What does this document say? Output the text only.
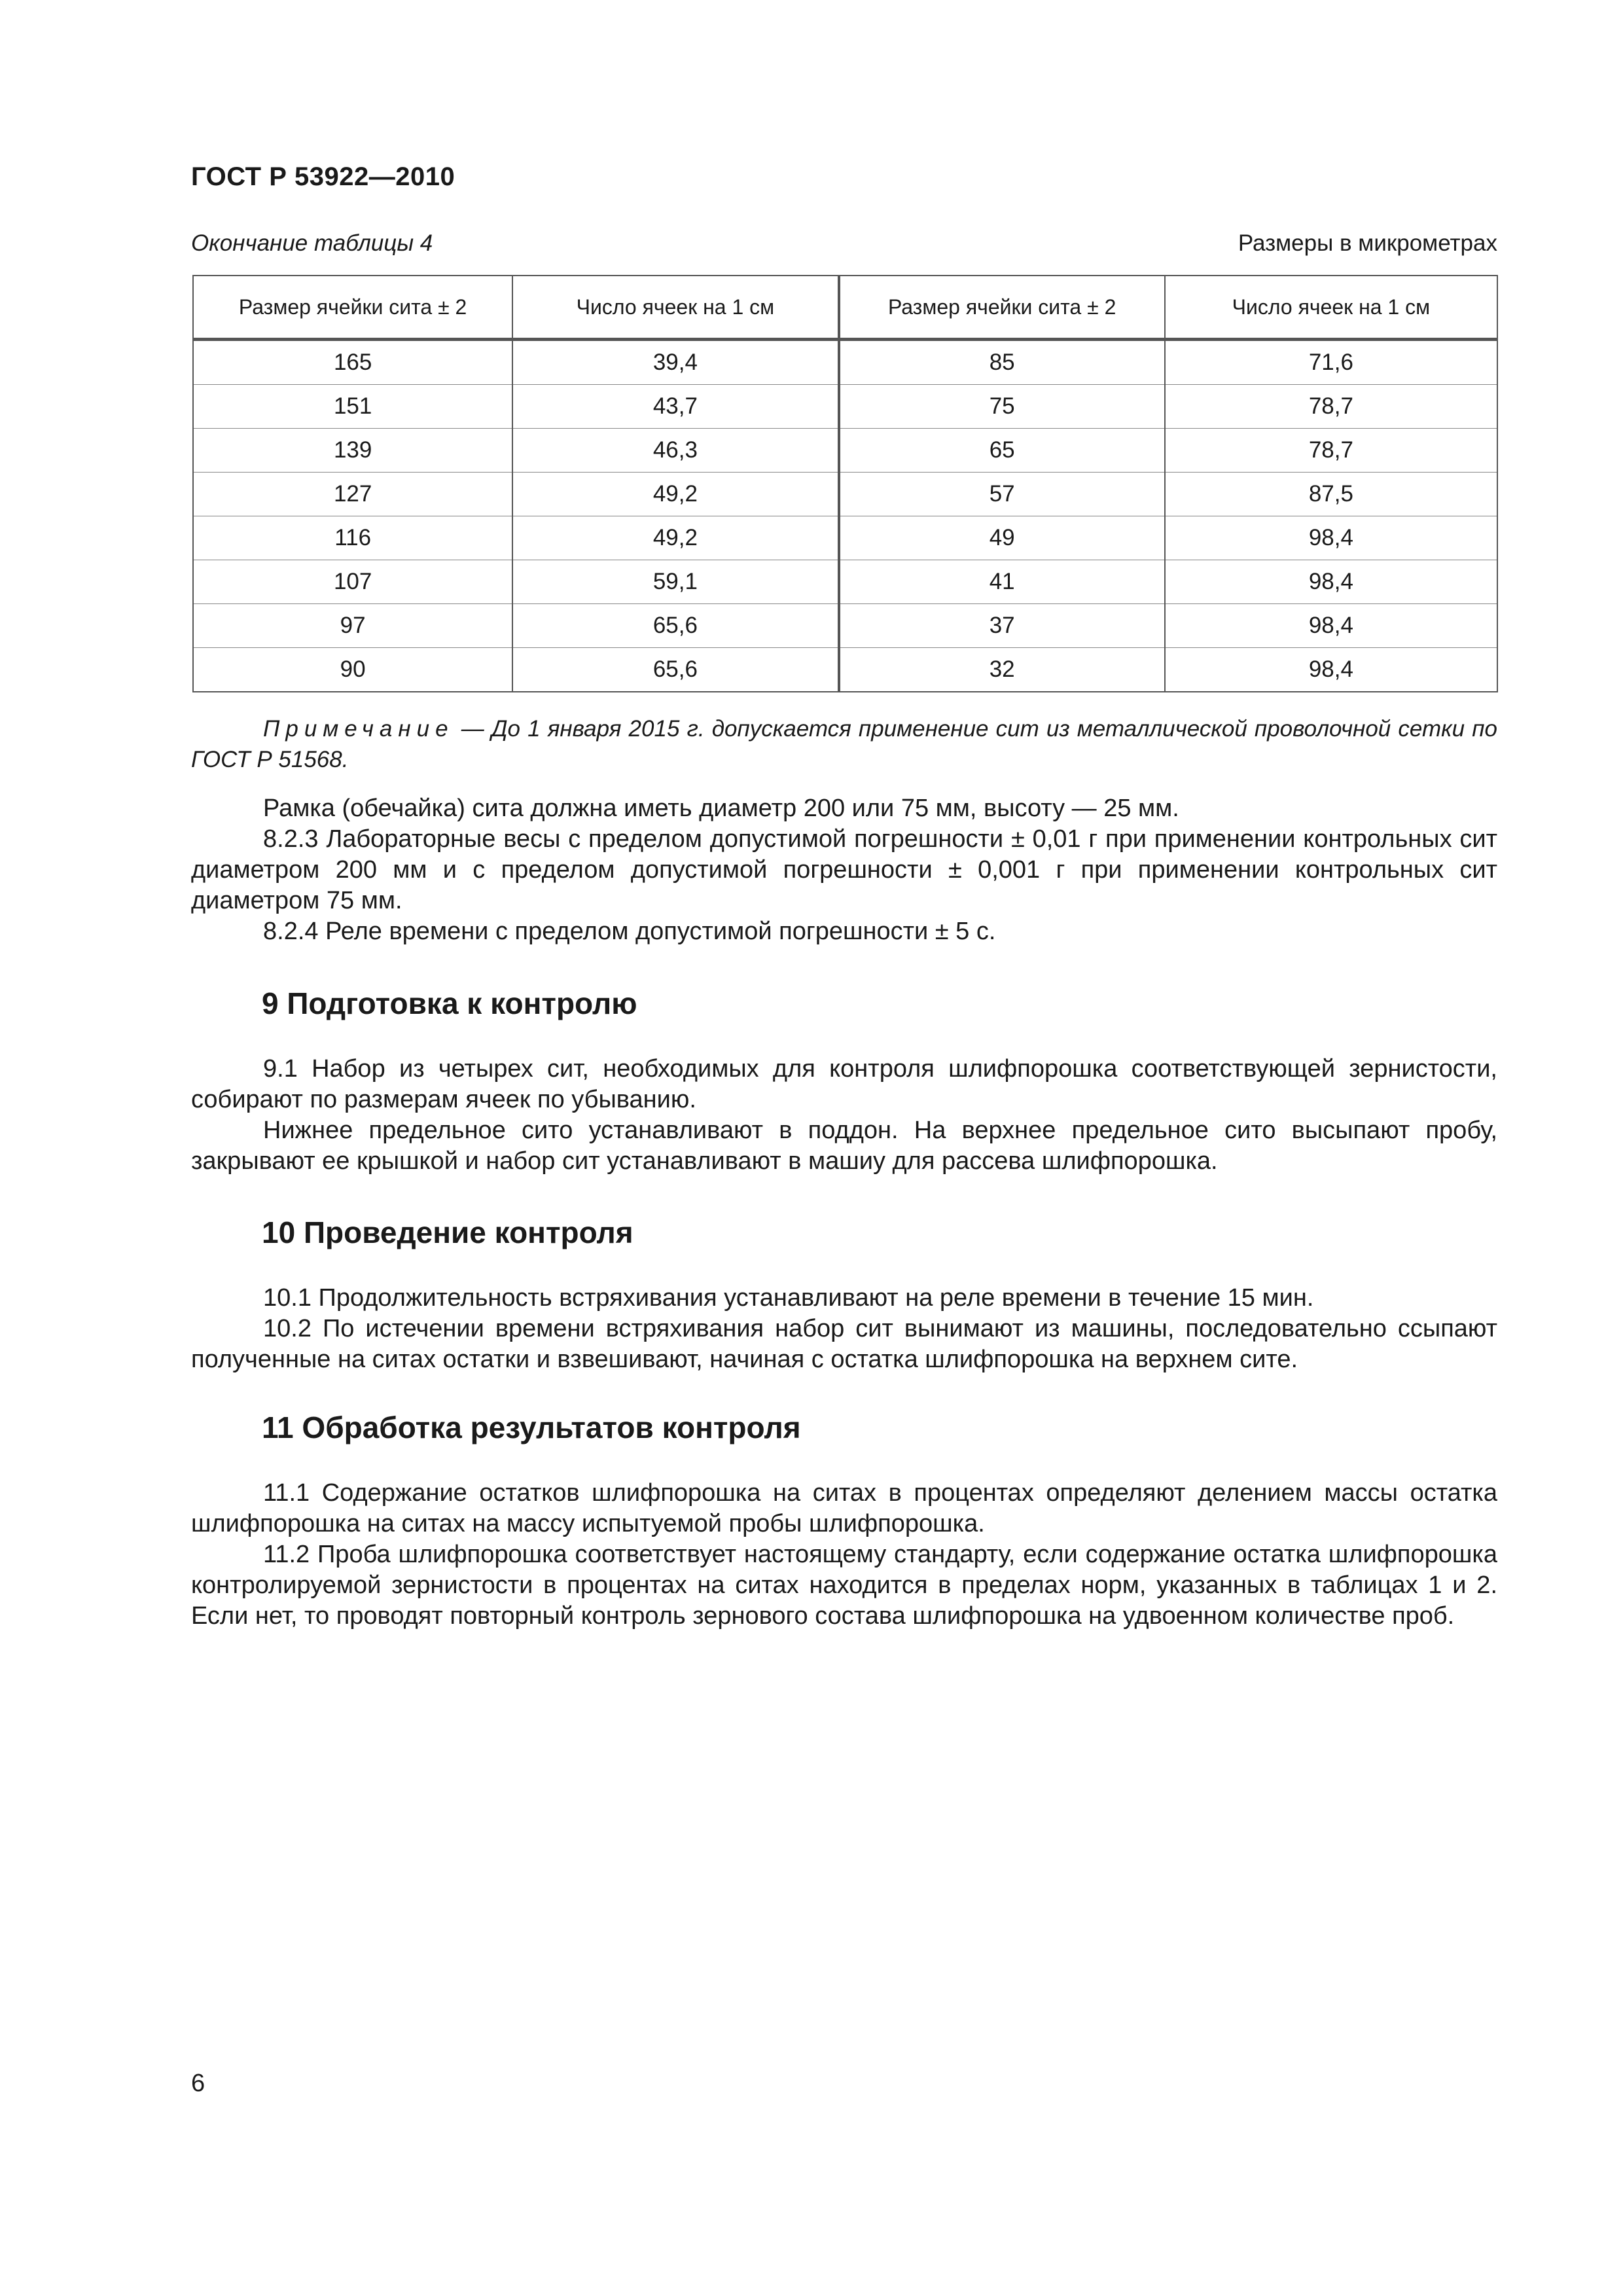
ГОСТ Р 53922—2010
Окончание таблицы 4	Размеры в микрометрах
Размер ячейки сита ± 2	Число ячеек на 1 см	Размер ячейки сита ± 2	Число ячеек на 1 см
165	39,4	85	71,6
151	43,7	75	78,7
139	46,3	65	78,7
127	49,2	57	87,5
116	49,2	49	98,4
107	59,1	41	98,4
97	65,6	37	98,4
90	65,6	32	98,4

Примечание — До 1 января 2015 г. допускается применение сит из металлической проволочной сетки по ГОСТ Р 51568.

Рамка (обечайка) сита должна иметь диаметр 200 или 75 мм, высоту — 25 мм.

8.2.3 Лабораторные весы с пределом допустимой погрешности ± 0,01 г при применении контрольных сит диаметром 200 мм и с пределом допустимой погрешности ± 0,001 г при применении контрольных сит диаметром 75 мм.

8.2.4 Реле времени с пределом допустимой погрешности ± 5 с.

9 Подготовка к контролю

9.1 Набор из четырех сит, необходимых для контроля шлифпорошка соответствующей зернистости, собирают по размерам ячеек по убыванию.

Нижнее предельное сито устанавливают в поддон. На верхнее предельное сито высыпают пробу, закрывают ее крышкой и набор сит устанавливают в машиу для рассева шлифпорошка.

10 Проведение контроля

10.1 Продолжительность встряхивания устанавливают на реле времени в течение 15 мин.

10.2 По истечении времени встряхивания набор сит вынимают из машины, последовательно ссыпают полученные на ситах остатки и взвешивают, начиная с остатка шлифпорошка на верхнем сите.

11 Обработка результатов контроля

11.1 Содержание остатков шлифпорошка на ситах в процентах определяют делением массы остатка шлифпорошка на ситах на массу испытуемой пробы шлифпорошка.

11.2 Проба шлифпорошка соответствует настоящему стандарту, если содержание остатка шлифпорошка контролируемой зернистости в процентах на ситах находится в пределах норм, указанных в таблицах 1 и 2. Если нет, то проводят повторный контроль зернового состава шлифпорошка на удвоенном количестве проб.

6
